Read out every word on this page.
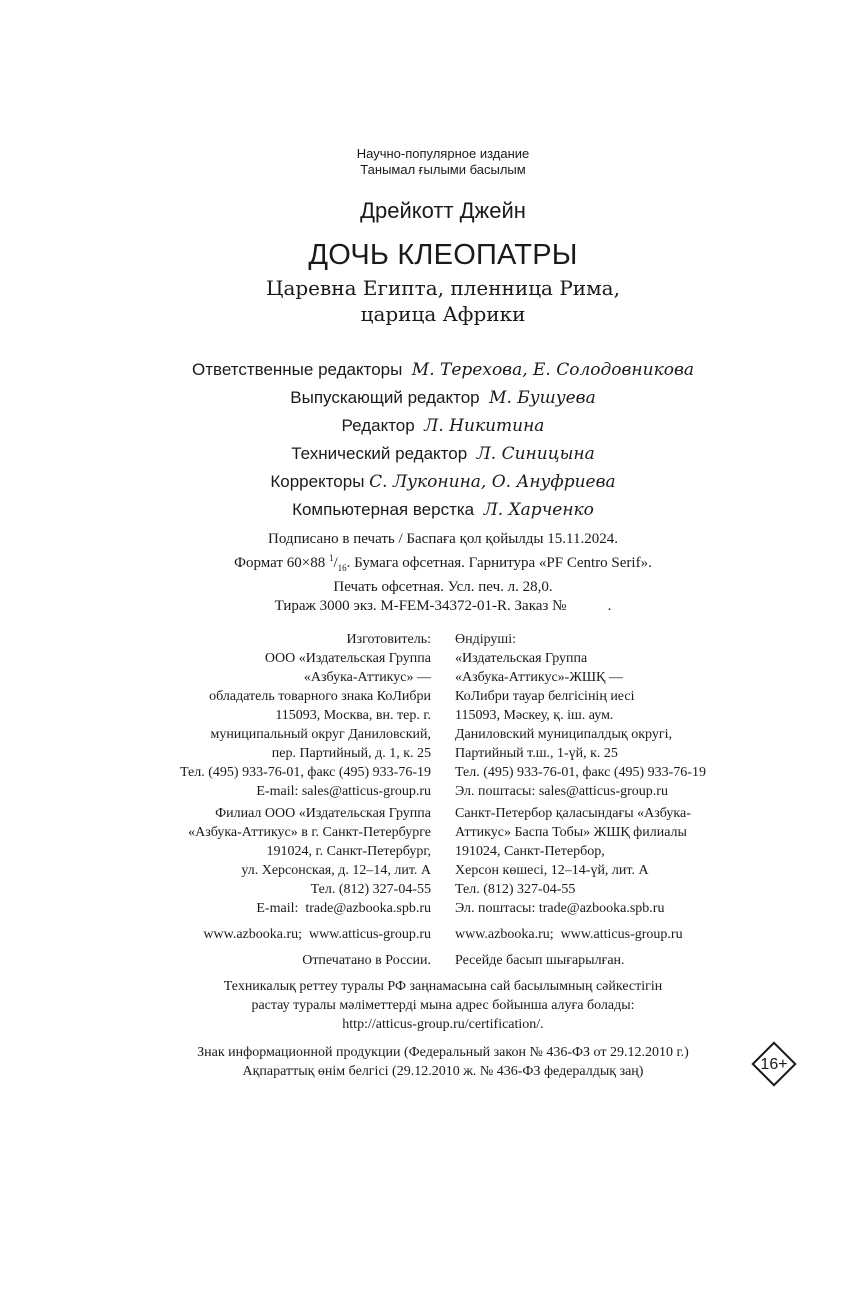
Научно-популярное издание
Танымал ғылыми басылым
Дрейкотт Джейн
ДОЧЬ КЛЕОПАТРЫ
Царевна Египта, пленница Рима,
царица Африки
Ответственные редакторы М. Терехова, Е. Солодовникова
Выпускающий редактор М. Бушуева
Редактор Л. Никитина
Технический редактор Л. Синицына
Корректоры С. Луконина, О. Ануфриева
Компьютерная верстка Л. Харченко
Подписано в печать / Баспаға қол қойылды 15.11.2024.
Формат 60×88 $^1/_{16}$. Бумага офсетная. Гарнитура «PF Centro Serif».
Печать офсетная. Усл. печ. л. 28,0.
Тираж 3000 экз. M-FEM-34372-01-R. Заказ №           .
Изготовитель:
ООО «Издательская Группа
«Азбука-Аттикус» —
обладатель товарного знака КоЛибри
115093, Москва, вн. тер. г.
муниципальный округ Даниловский,
пер. Партийный, д. 1, к. 25
Тел. (495) 933-76-01, факс (495) 933-76-19
E-mail: sales@atticus-group.ru
Өндіруші:
«Издательская Группа
«Азбука-Аттикус»-ЖШҚ —
КоЛибри тауар белгісінің иесі
115093, Мәскеу, қ. іш. аум.
Даниловский муниципалдық округі,
Партийный т.ш., 1-үй, к. 25
Тел. (495) 933-76-01, факс (495) 933-76-19
Эл. поштасы: sales@atticus-group.ru
Филиал ООО «Издательская Группа
«Азбука-Аттикус» в г. Санкт-Петербурге
191024, г. Санкт-Петербург,
ул. Херсонская, д. 12–14, лит. А
Тел. (812) 327-04-55
E-mail:  trade@azbooka.spb.ru
Санкт-Петербор қаласындағы «Азбука-
Аттикус» Баспа Тобы» ЖШҚ филиалы
191024, Санкт-Петербор,
Херсон көшесі, 12–14-үй, лит. А
Тел. (812) 327-04-55
Эл. поштасы: trade@azbooka.spb.ru
www.azbooka.ru;  www.atticus-group.ru www.azbooka.ru;  www.atticus-group.ru
Отпечатано в России. Ресейде басып шығарылған.
Техникалық реттеу туралы РФ заңнамасына сай басылымның сәйкестігін
растау туралы мәліметтерді мына адрес бойынша алуға болады:
http://atticus-group.ru/certification/.
Знак информационной продукции (Федеральный закон № 436-ФЗ от 29.12.2010 г.)
Ақпараттық өнім белгісі (29.12.2010 ж. № 436-ФЗ федералдық заң)	16+
